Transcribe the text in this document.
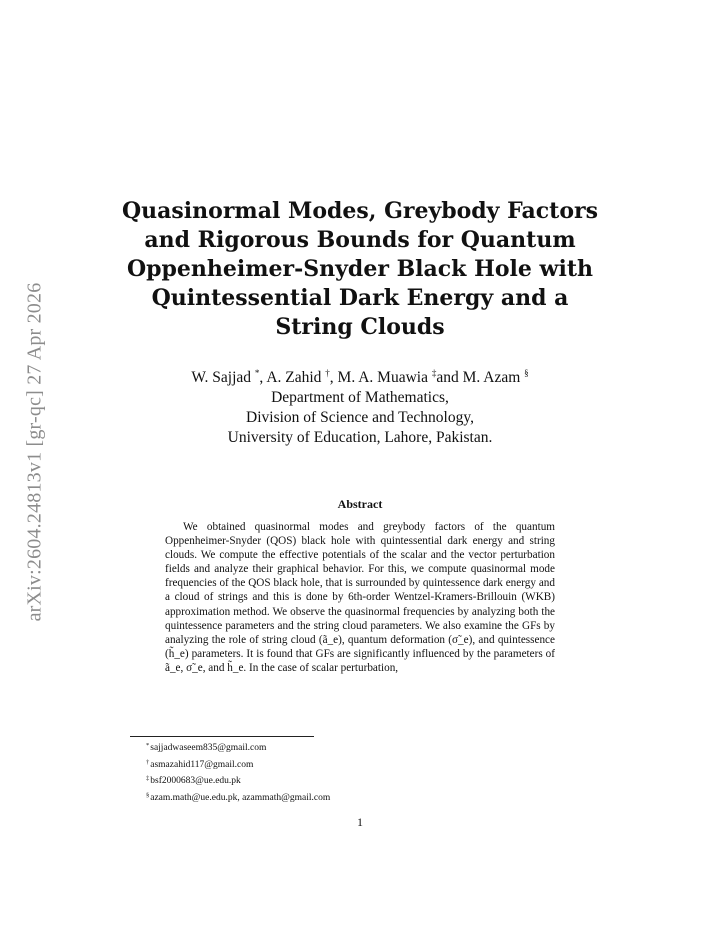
arXiv:2604.24813v1 [gr-qc] 27 Apr 2026
Quasinormal Modes, Greybody Factors and Rigorous Bounds for Quantum Oppenheimer-Snyder Black Hole with Quintessential Dark Energy and a String Clouds
W. Sajjad *, A. Zahid †, M. A. Muawia ‡and M. Azam §
Department of Mathematics,
Division of Science and Technology,
University of Education, Lahore, Pakistan.
Abstract

We obtained quasinormal modes and greybody factors of the quantum Oppenheimer-Snyder (QOS) black hole with quintessential dark energy and string clouds. We compute the effective potentials of the scalar and the vector perturbation fields and analyze their graphical behavior. For this, we compute quasinormal mode frequencies of the QOS black hole, that is surrounded by quintessence dark energy and a cloud of strings and this is done by 6th-order Wentzel-Kramers-Brillouin (WKB) approximation method. We observe the quasinormal frequencies by analyzing both the quintessence parameters and the string cloud parameters. We also examine the GFs by analyzing the role of string cloud (ã_e), quantum deformation (σ̃_e), and quintessence (h̃_e) parameters. It is found that GFs are significantly influenced by the parameters of ã_e, σ̃_e, and h̃_e. In the case of scalar perturbation,

*sajjadwaseem835@gmail.com
†asmazahid117@gmail.com
‡bsf2000683@ue.edu.pk
§azam.math@ue.edu.pk, azammath@gmail.com
1
